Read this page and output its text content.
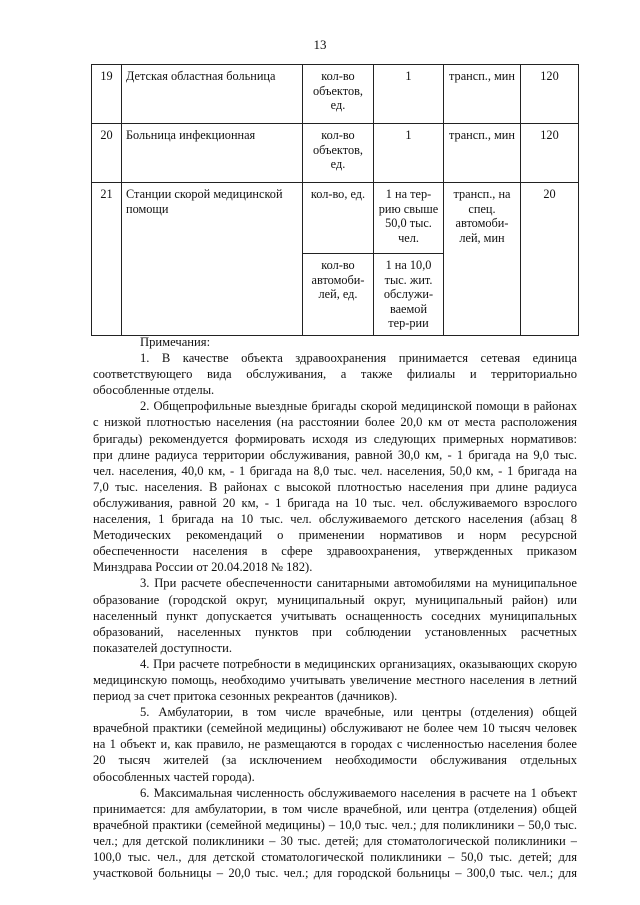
13
19	Детская областная больница	кол-во объектов, ед.	1	трансп., мин	120
20	Больница инфекционная	кол-во объектов, ед.	1	трансп., мин	120
21	Станции скорой медицинской помощи	кол-во, ед.	1 на тер-рию свыше 50,0 тыс. чел.	трансп., на спец. автомоби-лей, мин	20
		кол-во автомоби-лей, ед.	1 на 10,0 тыс. жит. обслужи-ваемой тер-рии		
Примечания:
1. В качестве объекта здравоохранения принимается сетевая единица
соответствующего вида обслуживания, а также филиалы и территориально
обособленные отделы.
2. Общепрофильные выездные бригады скорой медицинской помощи в районах
с низкой плотностью населения (на расстоянии более 20,0 км от места расположения
бригады) рекомендуется формировать исходя из следующих примерных нормативов:
при длине радиуса территории обслуживания, равной 30,0 км, - 1 бригада на 9,0 тыс.
чел. населения, 40,0 км, - 1 бригада на 8,0 тыс. чел. населения, 50,0 км, - 1 бригада на
7,0 тыс. населения. В районах с высокой плотностью населения при длине радиуса
обслуживания, равной 20 км, - 1 бригада на 10 тыс. чел. обслуживаемого взрослого
населения, 1 бригада на 10 тыс. чел. обслуживаемого детского населения (абзац 8
Методических рекомендаций о применении нормативов и норм ресурсной
обеспеченности населения в сфере здравоохранения, утвержденных приказом
Минздрава России от 20.04.2018 № 182).
3. При расчете обеспеченности санитарными автомобилями на муниципальное
образование (городской округ, муниципальный округ, муниципальный район) или
населенный пункт допускается учитывать оснащенность соседних муниципальных
образований, населенных пунктов при соблюдении установленных расчетных
показателей доступности.
4. При расчете потребности в медицинских организациях, оказывающих скорую
медицинскую помощь, необходимо учитывать увеличение местного населения в летний
период за счет притока сезонных рекреантов (дачников).
5. Амбулатории, в том числе врачебные, или центры (отделения) общей
врачебной практики (семейной медицины) обслуживают не более чем 10 тысяч человек
на 1 объект и, как правило, не размещаются в городах с численностью населения более
20 тысяч жителей (за исключением необходимости обслуживания отдельных
обособленных частей города).
6. Максимальная численность обслуживаемого населения в расчете на 1 объект
принимается: для амбулатории, в том числе врачебной, или центра (отделения) общей
врачебной практики (семейной медицины) – 10,0 тыс. чел.; для поликлиники – 50,0 тыс.
чел.; для детской поликлиники – 30 тыс. детей; для стоматологической поликлиники –
100,0 тыс. чел., для детской стоматологической поликлиники – 50,0 тыс. детей; для
участковой больницы – 20,0 тыс. чел.; для городской больницы – 300,0 тыс. чел.; для
